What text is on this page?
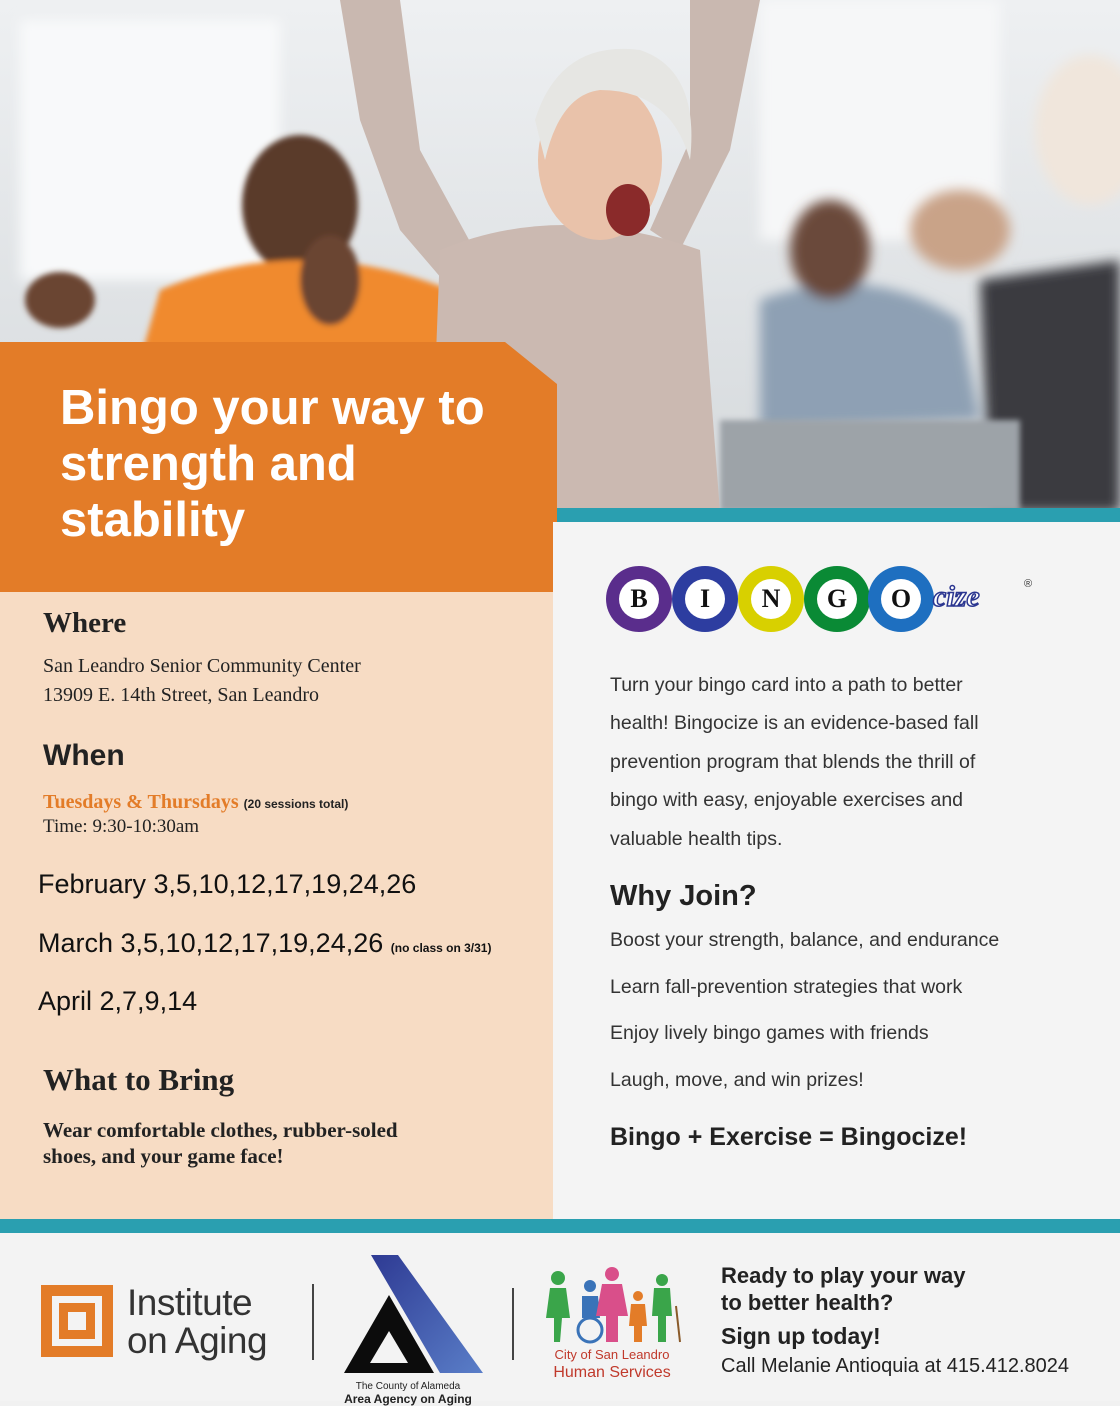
Bingo your way to strength and stability
Where
San Leandro Senior Community Center
13909 E. 14th Street, San Leandro
When
Tuesdays & Thursdays (20 sessions total)
Time: 9:30-10:30am
February 3,5,10,12,17,19,24,26
March 3,5,10,12,17,19,24,26 (no class on 3/31)
April 2,7,9,14
What to Bring
Wear comfortable clothes, rubber-soled
shoes, and your game face!
B	I	N	G	O cize	®
Turn your bingo card into a path to better
health! Bingocize is an evidence-based fall
prevention program that blends the thrill of
bingo with easy, enjoyable exercises and
valuable health tips.
Why Join?
Boost your strength, balance, and endurance
Learn fall-prevention strategies that work
Enjoy lively bingo games with friends
Laugh, move, and win prizes!
Bingo + Exercise = Bingocize!
Institute
on Aging
The County of Alameda
Area Agency on Aging
City of San Leandro
Human Services
Ready to play your way
to better health?
Sign up today!
Call Melanie Antioquia at 415.412.8024
